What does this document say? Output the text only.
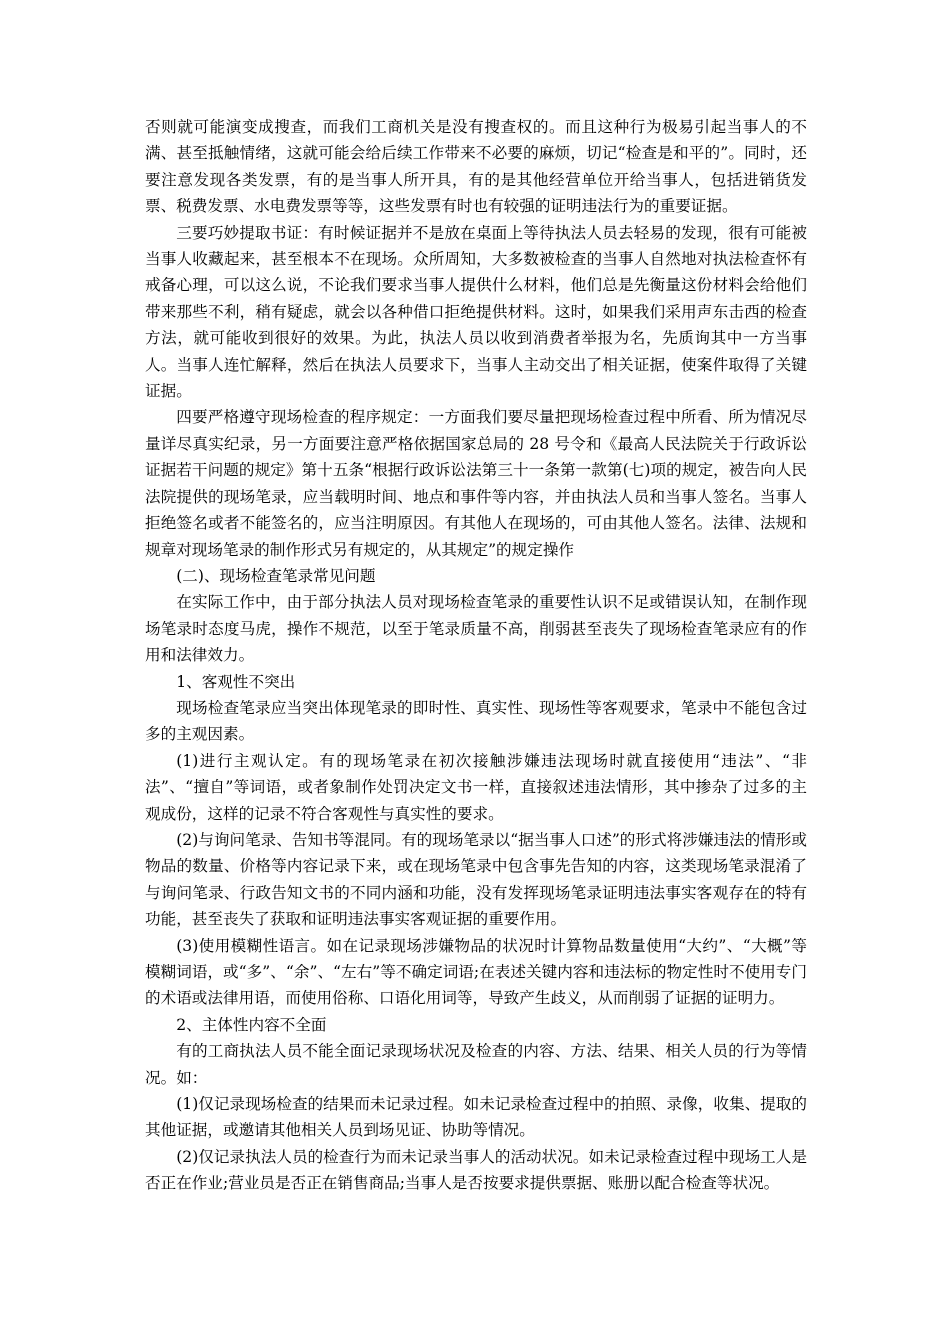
否则就可能演变成搜查，而我们工商机关是没有搜查权的。而且这种行为极易引起当事人的不满、甚至抵触情绪，这就可能会给后续工作带来不必要的麻烦，切记“检查是和平的”。同时，还要注意发现各类发票，有的是当事人所开具，有的是其他经营单位开给当事人，包括进销货发票、税费发票、水电费发票等等，这些发票有时也有较强的证明违法行为的重要证据。

三要巧妙提取书证：有时候证据并不是放在桌面上等待执法人员去轻易的发现，很有可能被当事人收藏起来，甚至根本不在现场。众所周知，大多数被检查的当事人自然地对执法检查怀有戒备心理，可以这么说，不论我们要求当事人提供什么材料，他们总是先衡量这份材料会给他们带来那些不利，稍有疑虑，就会以各种借口拒绝提供材料。这时，如果我们采用声东击西的检查方法，就可能收到很好的效果。为此，执法人员以收到消费者举报为名，先质询其中一方当事人。当事人连忙解释，然后在执法人员要求下，当事人主动交出了相关证据，使案件取得了关键证据。

四要严格遵守现场检查的程序规定：一方面我们要尽量把现场检查过程中所看、所为情况尽量详尽真实纪录，另一方面要注意严格依据国家总局的 28 号令和《最高人民法院关于行政诉讼证据若干问题的规定》第十五条“根据行政诉讼法第三十一条第一款第(七)项的规定，被告向人民法院提供的现场笔录，应当载明时间、地点和事件等内容，并由执法人员和当事人签名。当事人拒绝签名或者不能签名的，应当注明原因。有其他人在现场的，可由其他人签名。法律、法规和规章对现场笔录的制作形式另有规定的，从其规定”的规定操作

(二)、现场检查笔录常见问题

在实际工作中，由于部分执法人员对现场检查笔录的重要性认识不足或错误认知，在制作现场笔录时态度马虎，操作不规范，以至于笔录质量不高，削弱甚至丧失了现场检查笔录应有的作用和法律效力。

1、客观性不突出

现场检查笔录应当突出体现笔录的即时性、真实性、现场性等客观要求，笔录中不能包含过多的主观因素。

(1)进行主观认定。有的现场笔录在初次接触涉嫌违法现场时就直接使用“违法”、“非法”、“擅自”等词语，或者象制作处罚决定文书一样，直接叙述违法情形，其中掺杂了过多的主观成份，这样的记录不符合客观性与真实性的要求。

(2)与询问笔录、告知书等混同。有的现场笔录以“据当事人口述”的形式将涉嫌违法的情形或物品的数量、价格等内容记录下来，或在现场笔录中包含事先告知的内容，这类现场笔录混淆了与询问笔录、行政告知文书的不同内涵和功能，没有发挥现场笔录证明违法事实客观存在的特有功能，甚至丧失了获取和证明违法事实客观证据的重要作用。

(3)使用模糊性语言。如在记录现场涉嫌物品的状况时计算物品数量使用“大约”、“大概”等模糊词语，或“多”、“余”、“左右”等不确定词语;在表述关键内容和违法标的物定性时不使用专门的术语或法律用语，而使用俗称、口语化用词等，导致产生歧义，从而削弱了证据的证明力。

2、主体性内容不全面

有的工商执法人员不能全面记录现场状况及检查的内容、方法、结果、相关人员的行为等情况。如：

(1)仅记录现场检查的结果而未记录过程。如未记录检查过程中的拍照、录像，收集、提取的其他证据，或邀请其他相关人员到场见证、协助等情况。

(2)仅记录执法人员的检查行为而未记录当事人的活动状况。如未记录检查过程中现场工人是否正在作业;营业员是否正在销售商品;当事人是否按要求提供票据、账册以配合检查等状况。
